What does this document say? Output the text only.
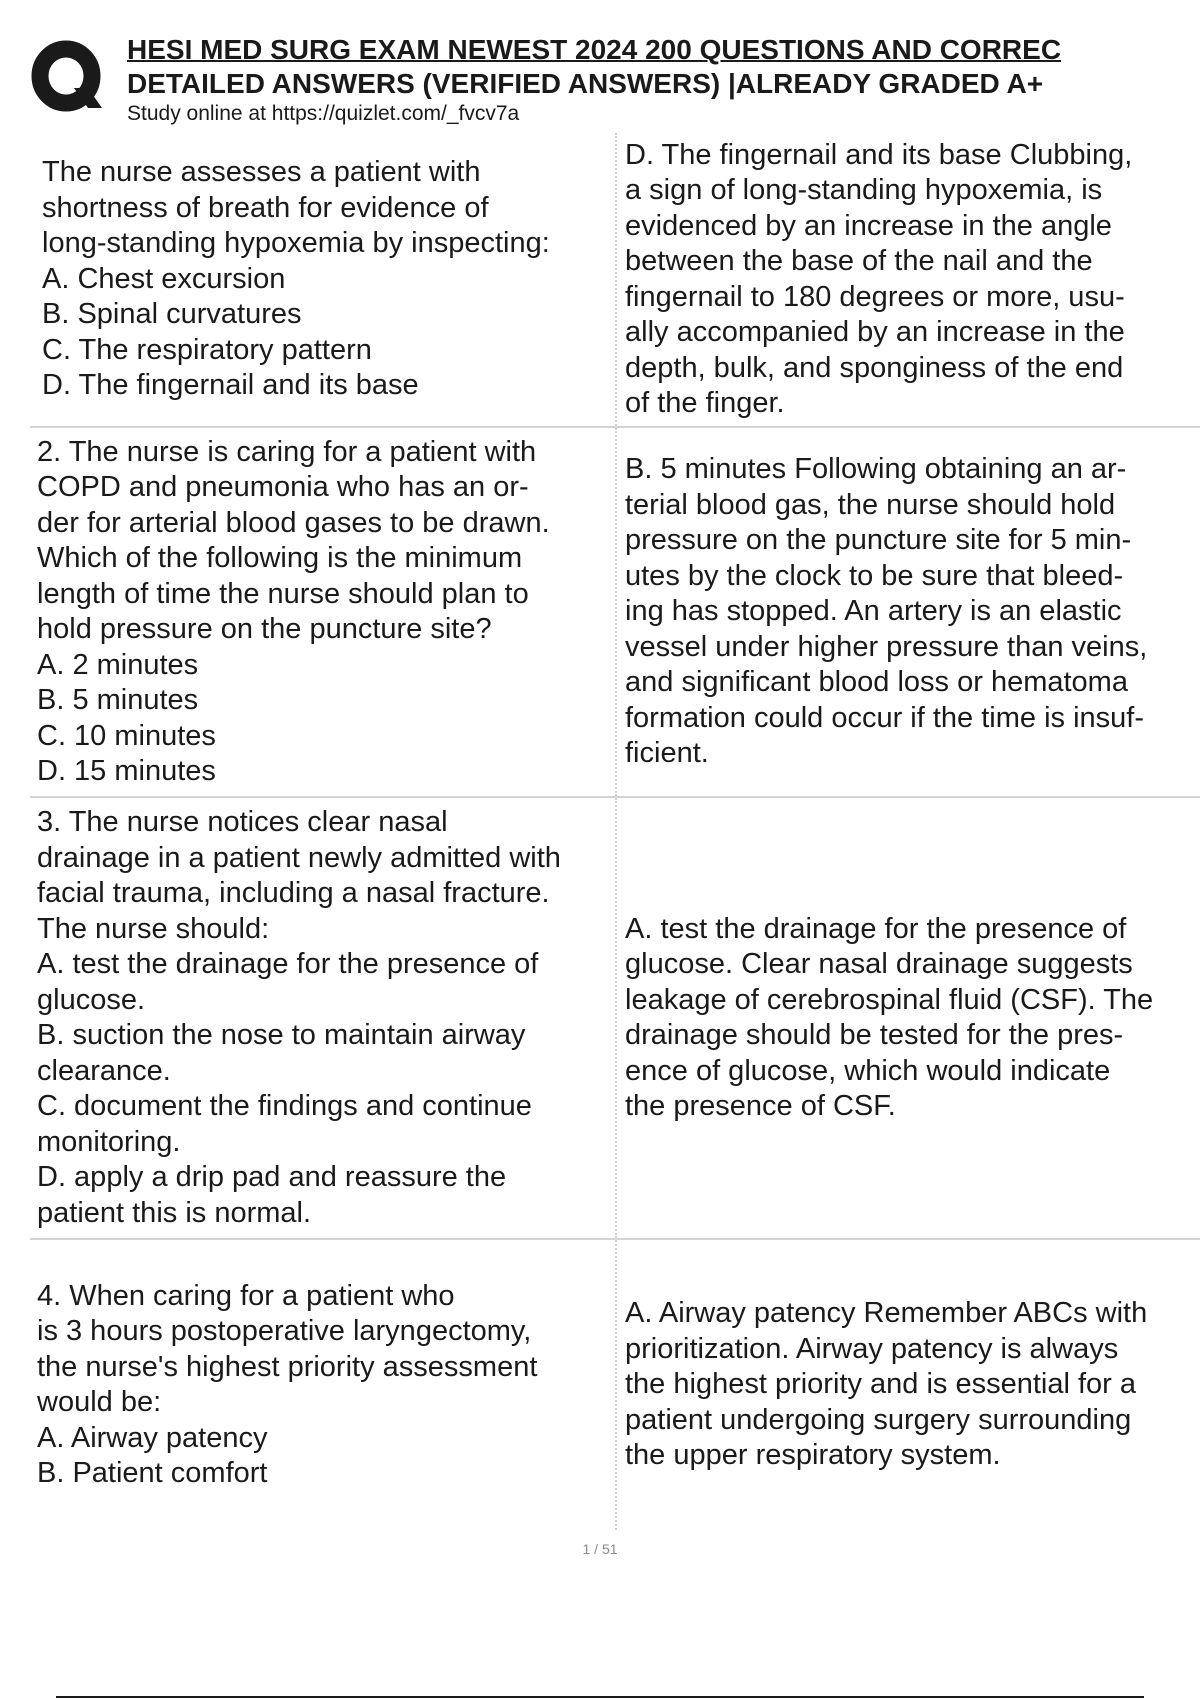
HESI MED SURG EXAM NEWEST 2024 200 QUESTIONS AND CORREC
DETAILED ANSWERS (VERIFIED ANSWERS) |ALREADY GRADED A+
Study online at https://quizlet.com/_fvcv7a
The nurse assesses a patient with
shortness of breath for evidence of
long-standing hypoxemia by inspecting:
A. Chest excursion
B. Spinal curvatures
C. The respiratory pattern
D. The fingernail and its base
D. The fingernail and its base Clubbing,
a sign of long-standing hypoxemia, is
evidenced by an increase in the angle
between the base of the nail and the
fingernail to 180 degrees or more, usu-
ally accompanied by an increase in the
depth, bulk, and sponginess of the end
of the finger.
2. The nurse is caring for a patient with
COPD and pneumonia who has an or-
der for arterial blood gases to be drawn.
Which of the following is the minimum
length of time the nurse should plan to
hold pressure on the puncture site?
A. 2 minutes
B. 5 minutes
C. 10 minutes
D. 15 minutes
B. 5 minutes Following obtaining an ar-
terial blood gas, the nurse should hold
pressure on the puncture site for 5 min-
utes by the clock to be sure that bleed-
ing has stopped. An artery is an elastic
vessel under higher pressure than veins,
and significant blood loss or hematoma
formation could occur if the time is insuf-
ficient.
3. The nurse notices clear nasal
drainage in a patient newly admitted with
facial trauma, including a nasal fracture.
The nurse should:
A. test the drainage for the presence of
glucose.
B. suction the nose to maintain airway
clearance.
C. document the findings and continue
monitoring.
D. apply a drip pad and reassure the
patient this is normal.
A. test the drainage for the presence of
glucose. Clear nasal drainage suggests
leakage of cerebrospinal fluid (CSF). The
drainage should be tested for the pres-
ence of glucose, which would indicate
the presence of CSF.
4. When caring for a patient who
is 3 hours postoperative laryngectomy,
the nurse's highest priority assessment
would be:
A. Airway patency
B. Patient comfort
A. Airway patency Remember ABCs with
prioritization. Airway patency is always
the highest priority and is essential for a
patient undergoing surgery surrounding
the upper respiratory system.
1 / 51
